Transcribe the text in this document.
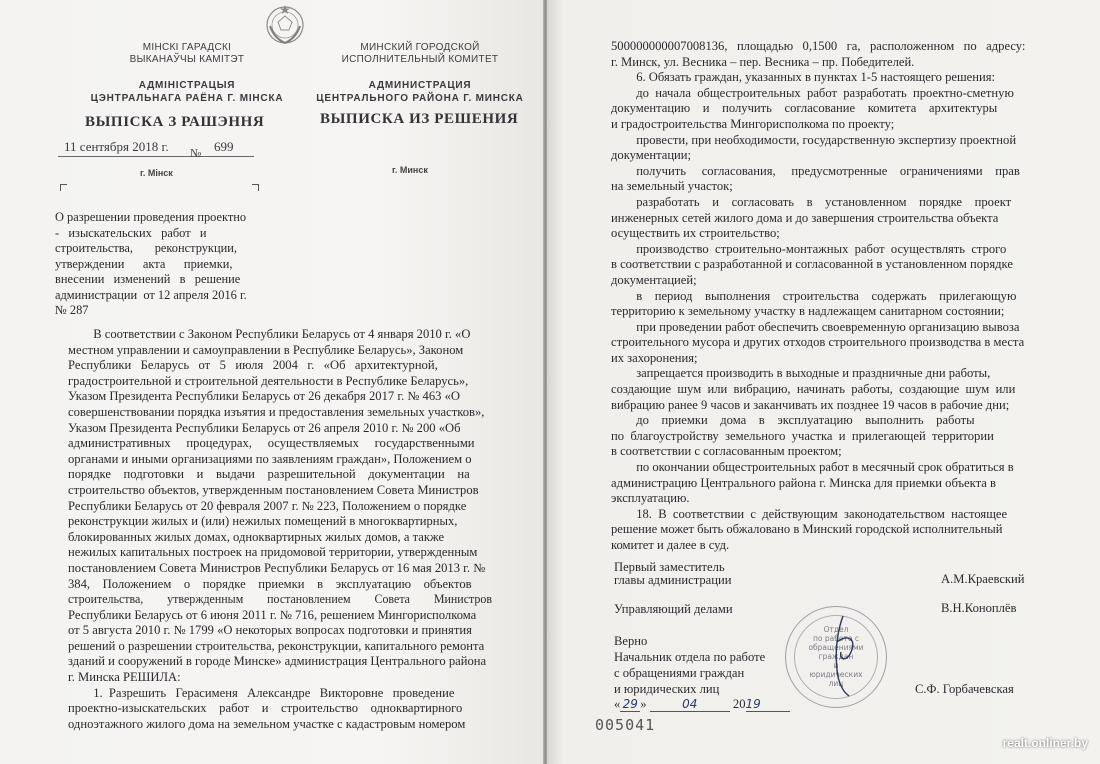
МІНСКІ ГАРАДСКІ
ВЫКАНАЎЧЫ КАМІТЭТ
АДМІНІСТРАЦЫЯ
ЦЭНТРАЛЬНАГА РАЁНА Г. МІНСКА
ВЫПІСКА З РАШЭННЯ
МИНСКИЙ ГОРОДСКОЙ
ИСПОЛНИТЕЛЬНЫЙ КОМИТЕТ
АДМИНИСТРАЦИЯ
ЦЕНТРАЛЬНОГО РАЙОНА Г. МИНСКА
ВЫПИСКА ИЗ РЕШЕНИЯ
11 сентября 2018 г. № 699
г. Мінск	г. Минск
О разрешении проведения проектно
-   изыскательских   работ   и
строительства,       реконструкции,
утверждении      акта      приемки,
внесении   изменений   в   решение
администрации  от 12 апреля 2016 г.
№ 287
В соответствии с Законом Республики Беларусь от 4 января 2010 г. «О
местном управлении и самоуправлении в Республике Беларусь», Законом
Республики   Беларусь   от   5   июля   2004   г.   «Об   архитектурной,
градостроительной и строительной деятельности в Республике Беларусь»,
Указом Президента Республики Беларусь от 26 декабря 2017 г. № 463 «О
совершенствовании порядка изъятия и предоставления земельных участков»,
Указом Президента Республики Беларусь от 26 апреля 2010 г. № 200 «Об
административных     процедурах,     осуществляемых     государственными
органами и иными организациями по заявлениям граждан», Положением о
порядке    подготовки    и    выдачи    разрешительной    документации    на
строительство объектов, утвержденным постановлением Совета Министров
Республики Беларусь от 20 февраля 2007 г. № 223, Положением о порядке
реконструкции жилых и (или) нежилых помещений в многоквартирных,
блокированных жилых домах, одноквартирных жилых домов, а также
нежилых капитальных построек на придомовой территории, утвержденным
постановлением Совета Министров Республики Беларусь от 16 мая 2013 г. №
384,    Положением    о    порядке    приемки    в    эксплуатацию    объектов
строительства,        утвержденным        постановлением        Совета        Министров
Республики Беларусь от 6 июня 2011 г. № 716, решением Мингорисполкома
от 5 августа 2010 г. № 1799 «О некоторых вопросах подготовки и принятия
решений о разрешении строительства, реконструкции, капитального ремонта
зданий и сооружений в городе Минске» администрация Центрального района
г. Минска РЕШИЛА:
1.  Разрешить   Герасименя   Александре   Викторовне   проведение
проектно-изыскательских    работ    и    строительство    одноквартирного
одноэтажного жилого дома на земельном участке с кадастровым номером
500000000007008136,   площадью   0,1500   га,   расположенном   по   адресу:
г. Минск, ул. Весника – пер. Весника – пр. Победителей.
6. Обязать граждан, указанных в пунктах 1-5 настоящего решения:
до  начала  общестроительных  работ  разработать  проектно-сметную
документацию    и    получить    согласование    комитета    архитектуры
и градостроительства Мингорисполкома по проекту;
провести, при необходимости, государственную экспертизу проектной
документации;
получить     согласования,     предусмотренные    ограничениями    прав
на земельный участок;
разработать    и    согласовать    в    установленном    порядке    проект
инженерных сетей жилого дома и до завершения строительства объекта
осуществить их строительство;
производство  строительно-монтажных  работ  осуществлять  строго
в соответствии с разработанной и согласованной в установленном порядке
документацией;
в    период    выполнения    строительства    содержать    прилегающую
территорию к земельному участку в надлежащем санитарном состоянии;
при проведении работ обеспечить своевременную организацию вывоза
строительного мусора и других отходов строительного производства в места
их захоронения;
запрещается производить в выходные и праздничные дни работы,
создающие  шум  или  вибрацию,  начинать  работы,  создающие  шум  или
вибрацию ранее 9 часов и заканчивать их позднее 19 часов в рабочие дни;
до    приемки    дома    в    эксплуатацию    выполнить    работы
по  благоустройству  земельного  участка  и  прилегающей  территории
в соответствии с согласованным проектом;
по окончании общестроительных работ в месячный срок обратиться в
администрацию Центрального района г. Минска для приемки объекта в
эксплуатацию.
18.  В  соответствии  с  действующим  законодательством  настоящее
решение может быть обжаловано в Минский городской исполнительный
комитет и далее в суд.
Первый заместитель
главы администрации	А.М.Краевский
Управляющий делами	В.Н.Коноплёв
Верно
Начальник отдела по работе
с обращениями граждан
и юридических лиц	С.Ф. Горбачевская
« 29 »	04	2019
005041
Отдел
по работе с
обращениями
граждан
и
юридических
лиц
realt.onliner.by
